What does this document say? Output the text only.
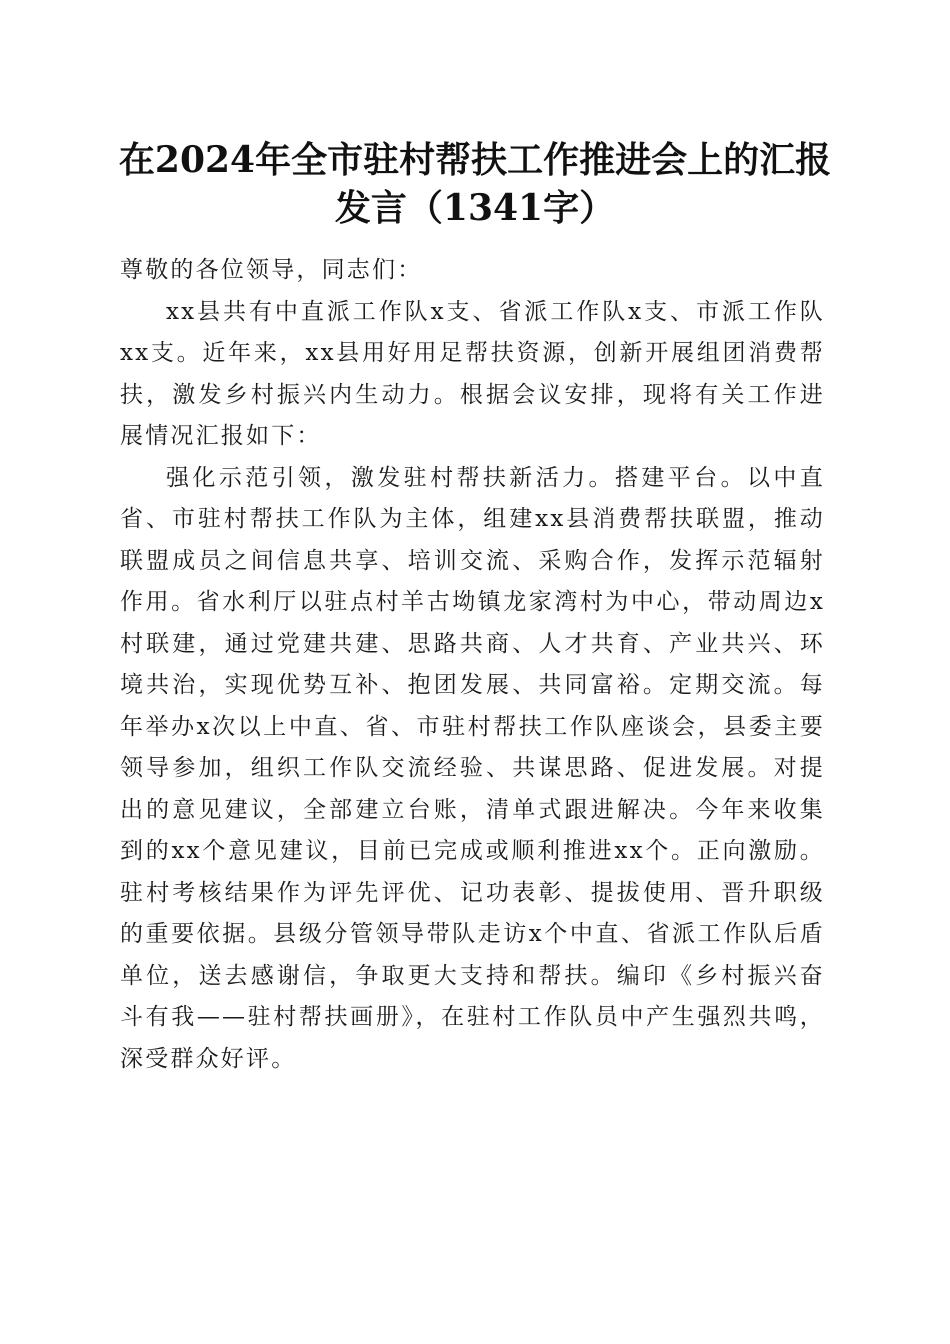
在2024年全市驻村帮扶工作推进会上的汇报
发言（1341字）

尊敬的各位领导，同志们：

xx县共有中直派工作队x支、省派工作队x支、市派工作队xx支。近年来，xx县用好用足帮扶资源，创新开展组团消费帮扶，激发乡村振兴内生动力。根据会议安排，现将有关工作进展情况汇报如下：

强化示范引领，激发驻村帮扶新活力。搭建平台。以中直省、市驻村帮扶工作队为主体，组建xx县消费帮扶联盟，推动联盟成员之间信息共享、培训交流、采购合作，发挥示范辐射作用。省水利厅以驻点村羊古坳镇龙家湾村为中心，带动周边x村联建，通过党建共建、思路共商、人才共育、产业共兴、环境共治，实现优势互补、抱团发展、共同富裕。定期交流。每年举办x次以上中直、省、市驻村帮扶工作队座谈会，县委主要领导参加，组织工作队交流经验、共谋思路、促进发展。对提出的意见建议，全部建立台账，清单式跟进解决。今年来收集到的xx个意见建议，目前已完成或顺利推进xx个。正向激励。驻村考核结果作为评先评优、记功表彰、提拔使用、晋升职级的重要依据。县级分管领导带队走访x个中直、省派工作队后盾单位，送去感谢信，争取更大支持和帮扶。编印《乡村振兴奋斗有我——驻村帮扶画册》，在驻村工作队员中产生强烈共鸣，深受群众好评。
